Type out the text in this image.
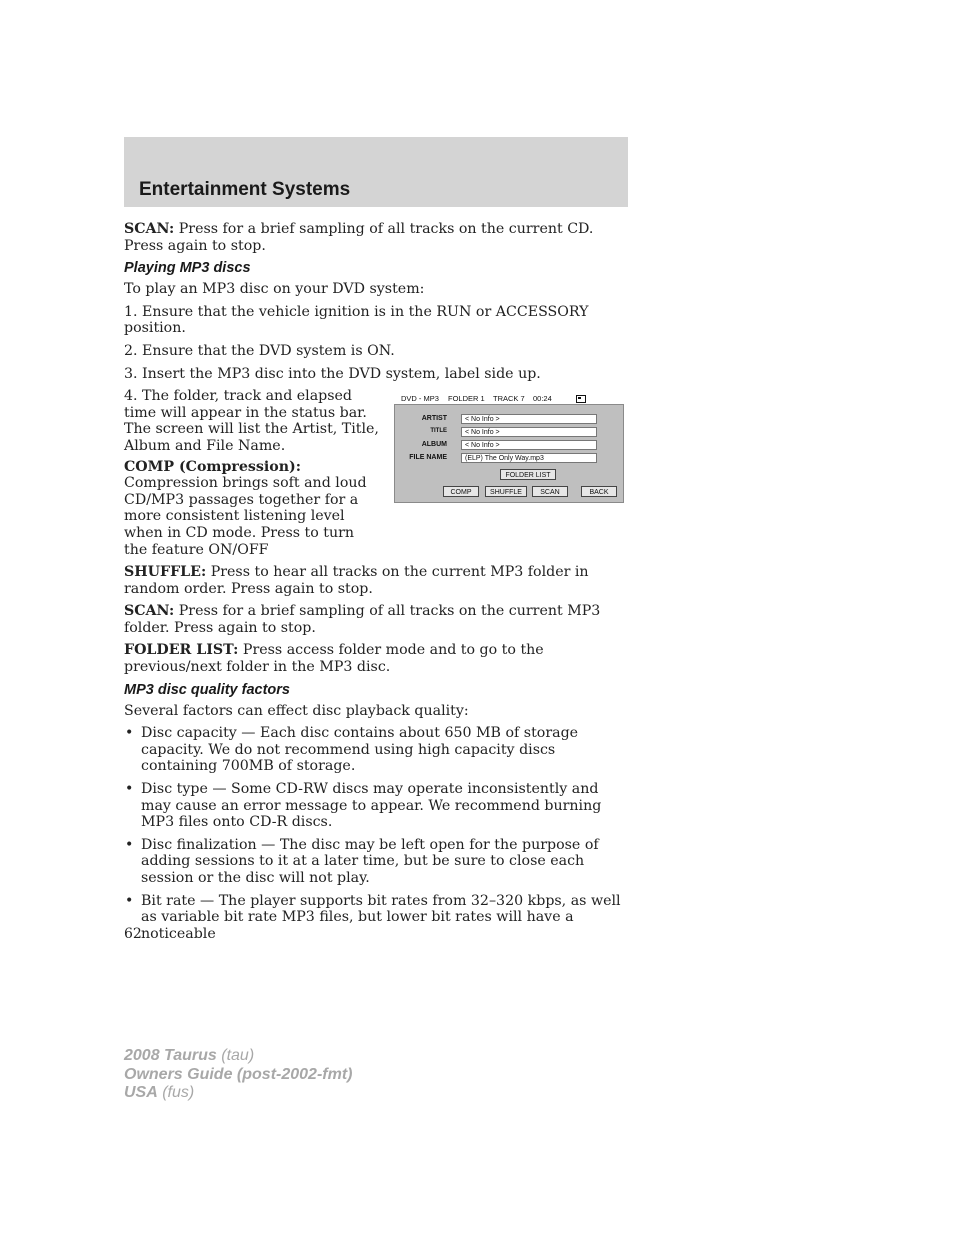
Entertainment Systems

SCAN: Press for a brief sampling of all tracks on the current CD. Press again to stop.

Playing MP3 discs

To play an MP3 disc on your DVD system:

1. Ensure that the vehicle ignition is in the RUN or ACCESSORY position.

2. Ensure that the DVD system is ON.

3. Insert the MP3 disc into the DVD system, label side up.

4. The folder, track and elapsed time will appear in the status bar. The screen will list the Artist, Title, Album and File Name.

COMP (Compression):

Compression brings soft and loud CD/MP3 passages together for a more consistent listening level when in CD mode. Press to turn the feature ON/OFF

SHUFFLE: Press to hear all tracks on the current MP3 folder in random order. Press again to stop.

SCAN: Press for a brief sampling of all tracks on the current MP3 folder. Press again to stop.

FOLDER LIST: Press access folder mode and to go to the previous/next folder in the MP3 disc.

MP3 disc quality factors

Several factors can effect disc playback quality:

• Disc capacity — Each disc contains about 650 MB of storage capacity. We do not recommend using high capacity discs containing 700MB of storage.
• Disc type — Some CD-RW discs may operate inconsistently and may cause an error message to appear. We recommend burning MP3 files onto CD-R discs.
• Disc finalization — The disc may be left open for the purpose of adding sessions to it at a later time, but be sure to close each session or the disc will not play.
• Bit rate — The player supports bit rates from 32–320 kbps, as well as variable bit rate MP3 files, but lower bit rates will have a noticeable
DVD - MP3 FOLDER 1 TRACK 7 00:24
ARTIST	< No Info >
TITLE	< No Info >
ALBUM	< No Info >
FILE NAME	(ELP) The Only Way.mp3
FOLDER LIST
COMP	SHUFFLE	SCAN	BACK
62
2008 Taurus (tau)
Owners Guide (post-2002-fmt)
USA (fus)
